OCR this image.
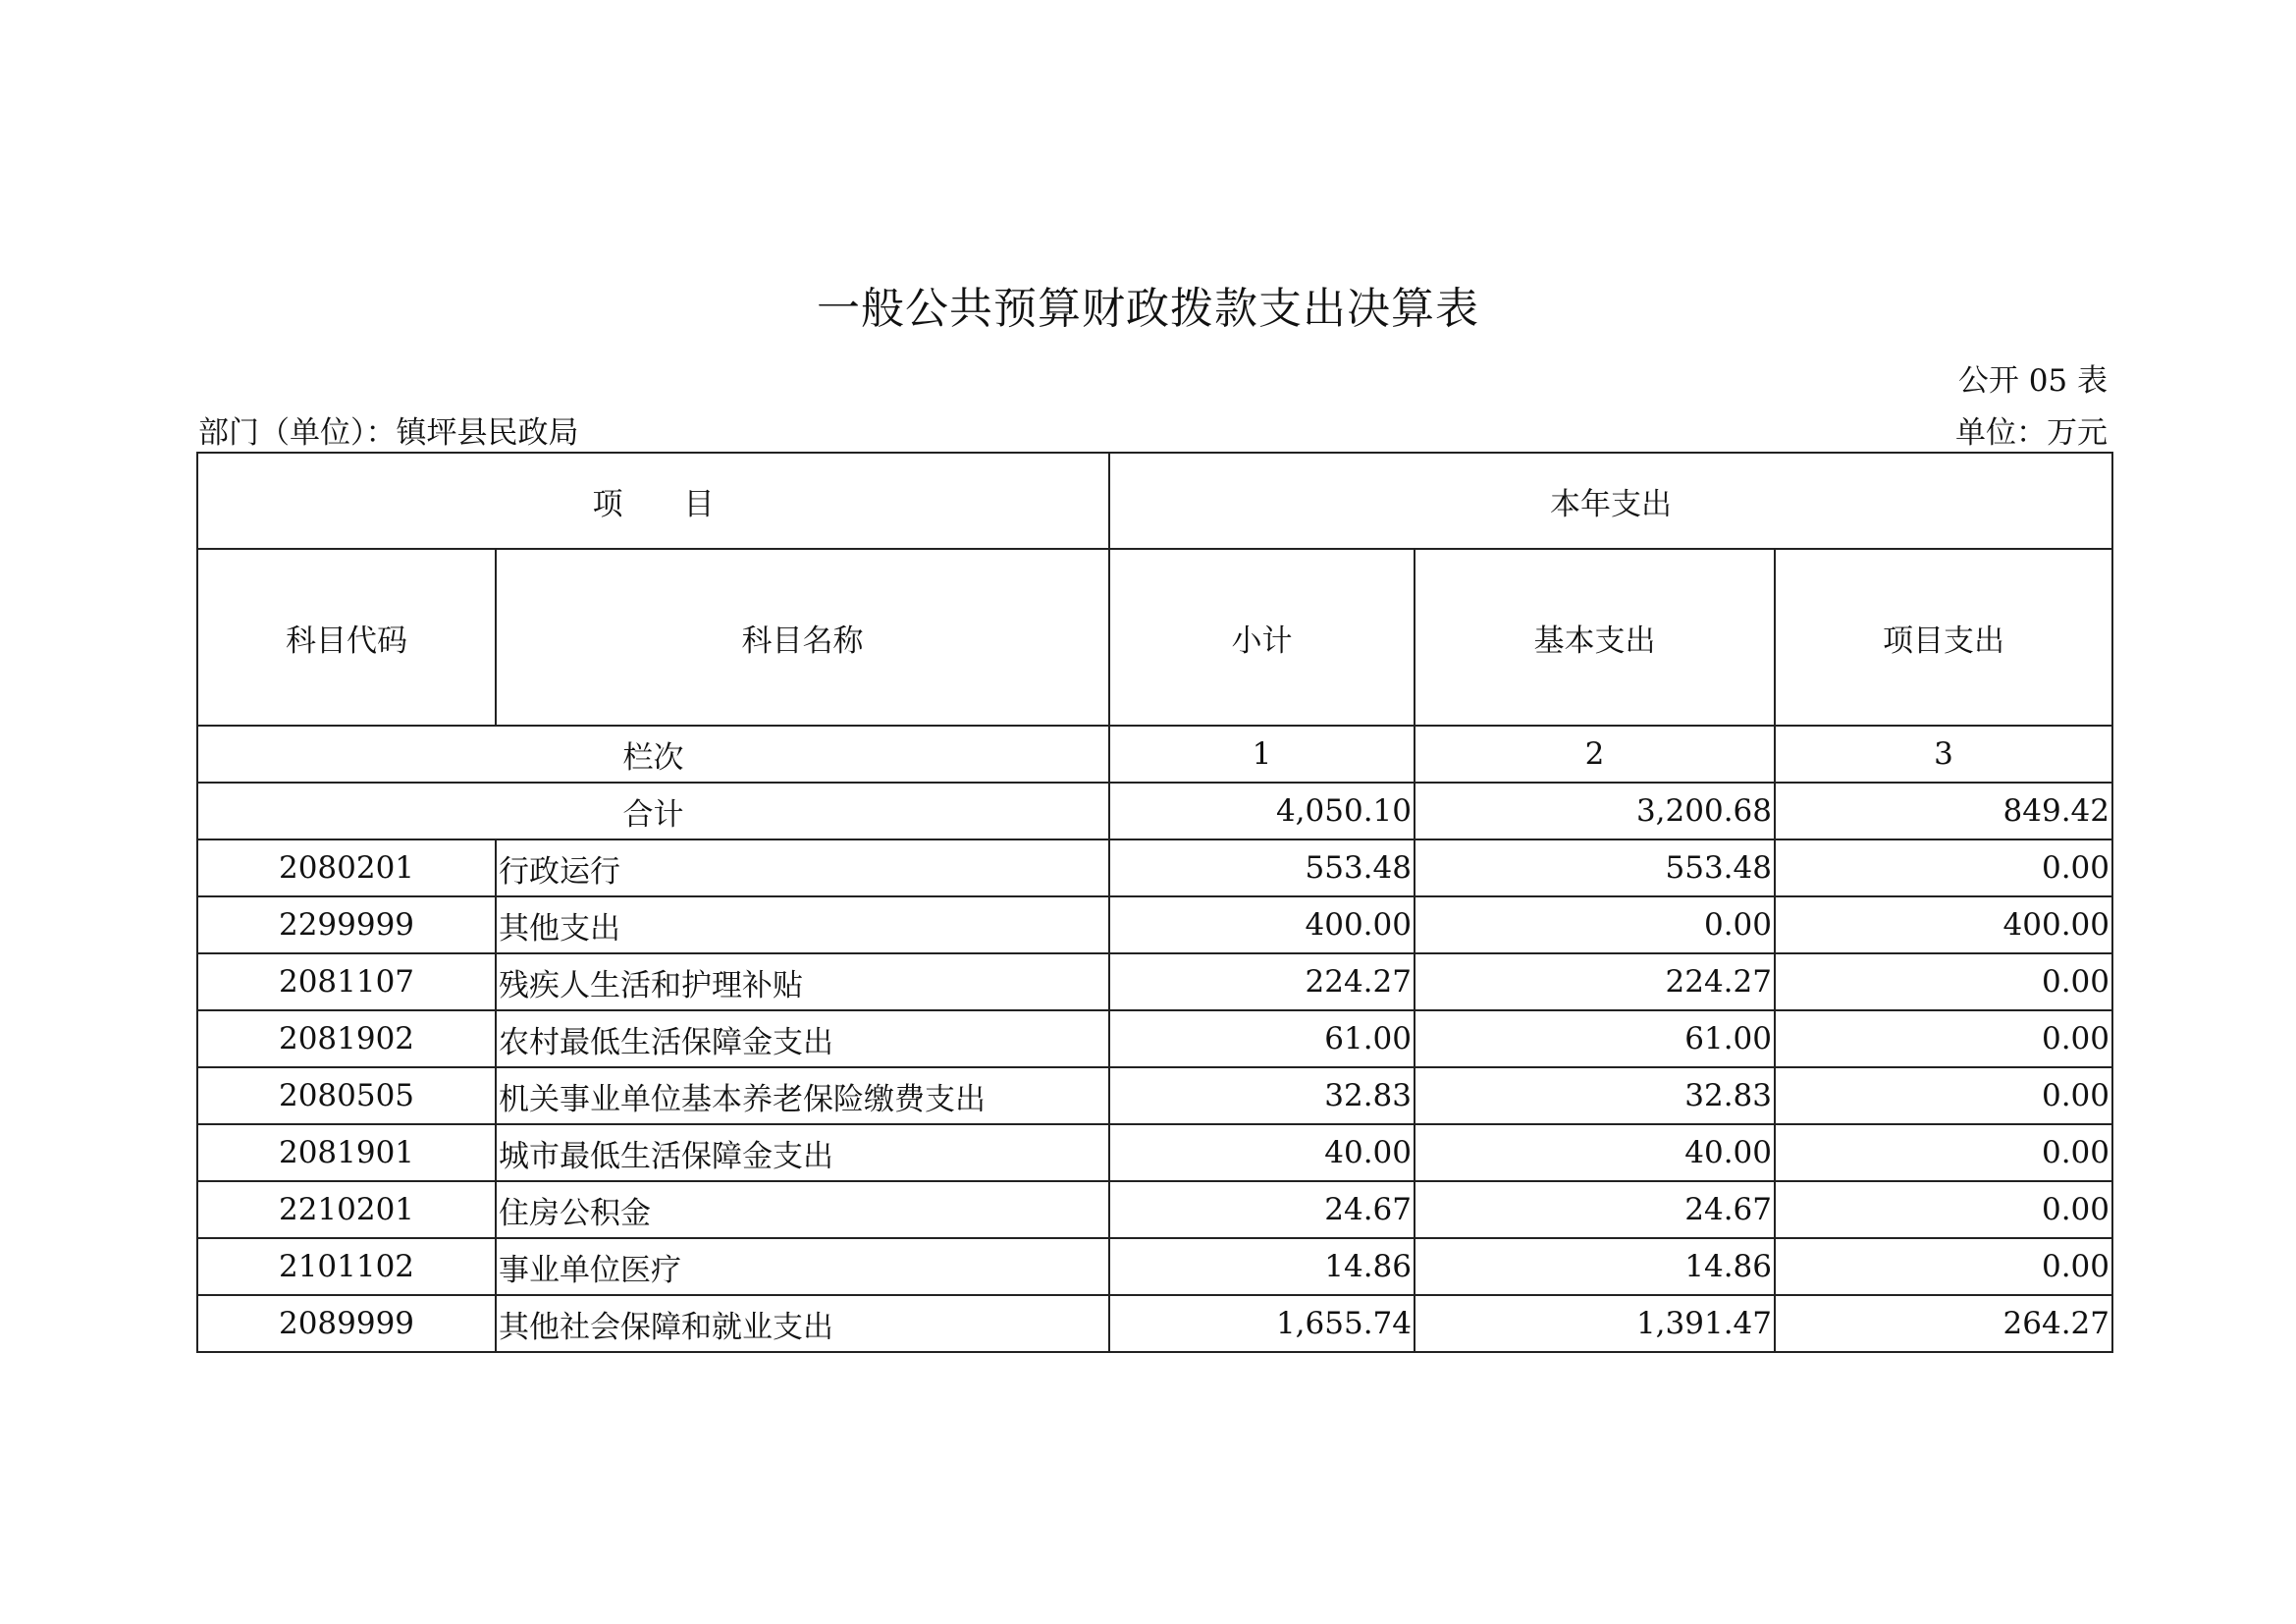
一般公共预算财政拨款支出决算表
公开 05 表
部门（单位）：镇坪县民政局	单位：万元
项　　目		本年支出		
科目代码	科目名称	小计	基本支出	项目支出
栏次		1	2	3
合计		4,050.10	3,200.68	849.42
2080201	行政运行	553.48	553.48	0.00
2299999	其他支出	400.00	0.00	400.00
2081107	残疾人生活和护理补贴	224.27	224.27	0.00
2081902	农村最低生活保障金支出	61.00	61.00	0.00
2080505	机关事业单位基本养老保险缴费支出	32.83	32.83	0.00
2081901	城市最低生活保障金支出	40.00	40.00	0.00
2210201	住房公积金	24.67	24.67	0.00
2101102	事业单位医疗	14.86	14.86	0.00
2089999	其他社会保障和就业支出	1,655.74	1,391.47	264.27
